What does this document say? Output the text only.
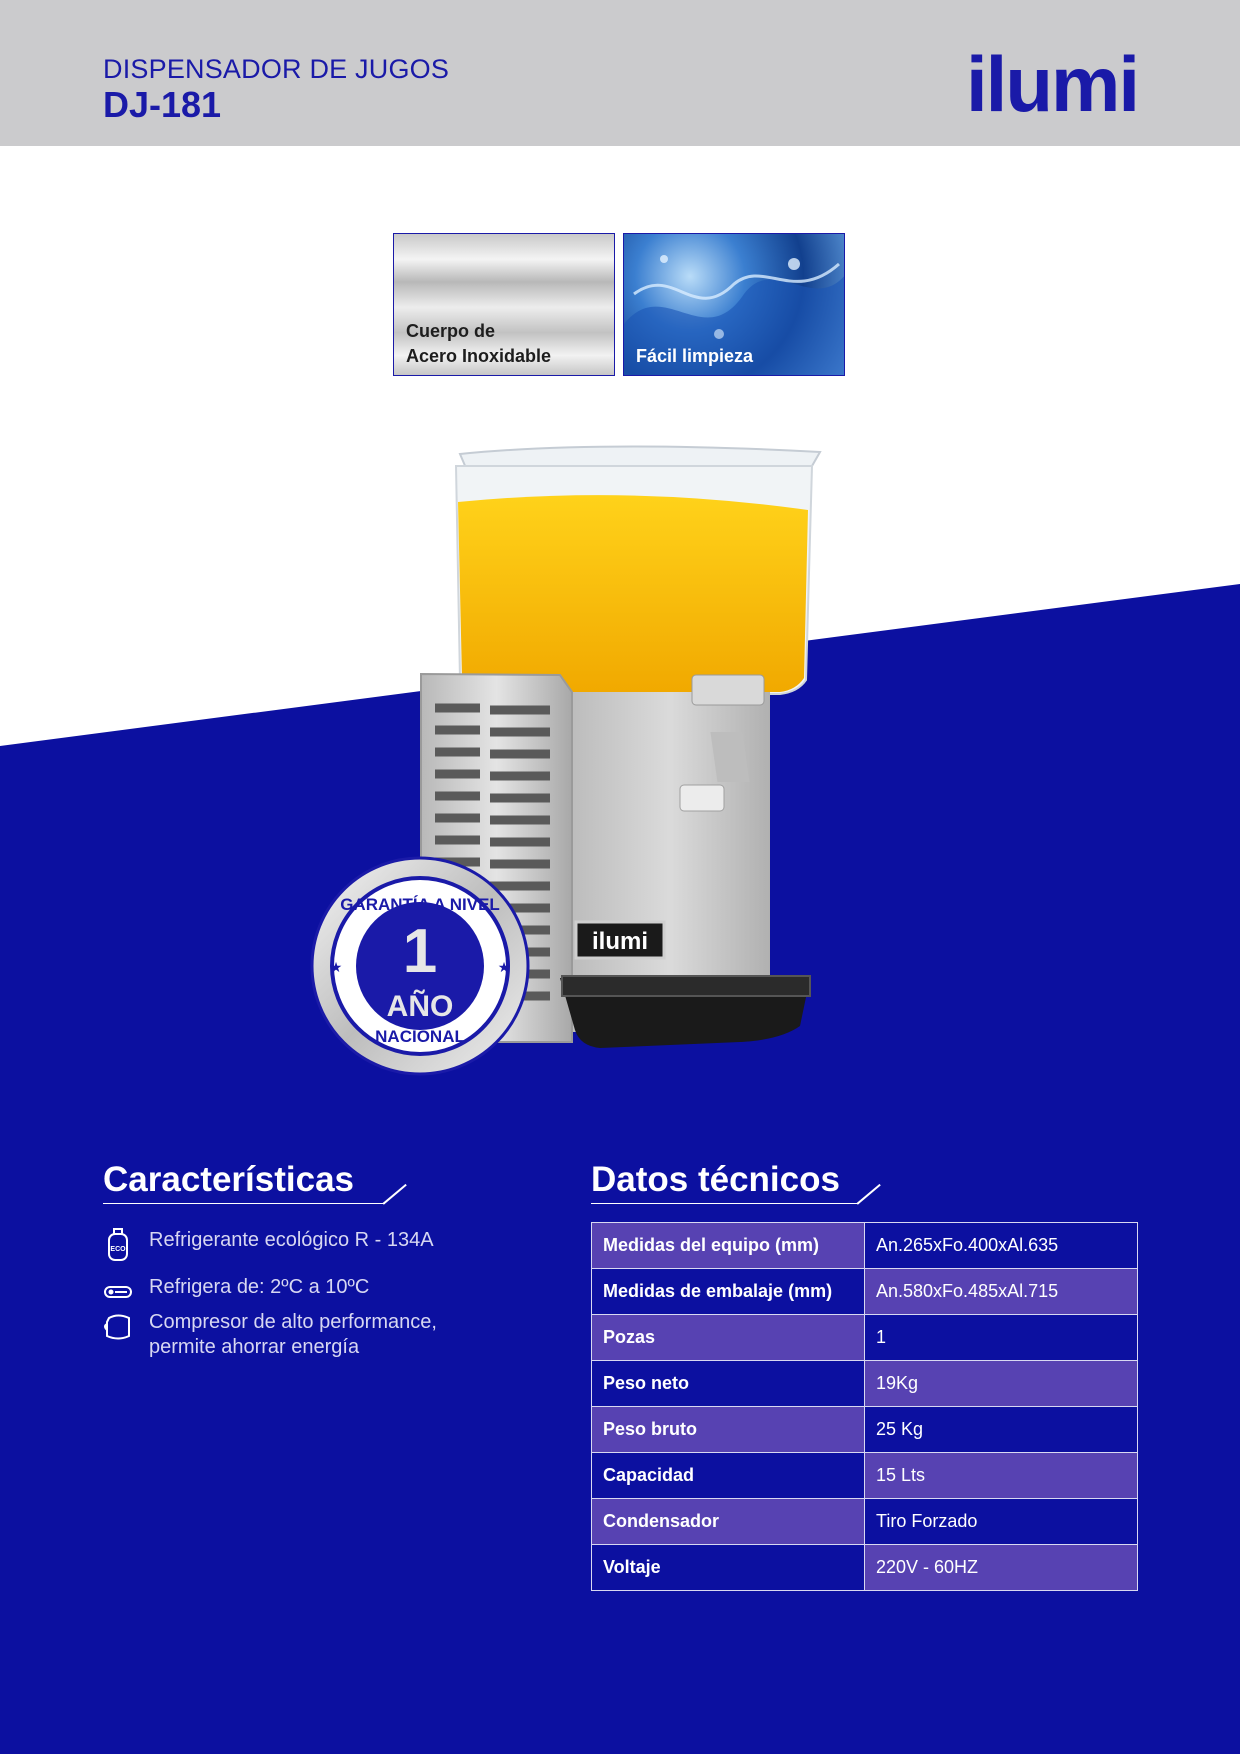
DISPENSADOR DE JUGOS
DJ-181	ilumi
Cuerpo de
Acero Inoxidable	Fácil limpieza
ilumi
1
AÑO
GARANTÍA A NIVEL
NACIONAL
★	★
Características
ECO Refrigerante ecológico R - 134A
Refrigera de: 2ºC a 10ºC
Compresor de alto performance,
permite ahorrar energía
Datos técnicos
Medidas del equipo (mm)	An.265xFo.400xAl.635
Medidas de embalaje (mm)	An.580xFo.485xAl.715
Pozas	1
Peso neto	19Kg
Peso bruto	25 Kg
Capacidad	15 Lts
Condensador	Tiro Forzado
Voltaje	220V - 60HZ
